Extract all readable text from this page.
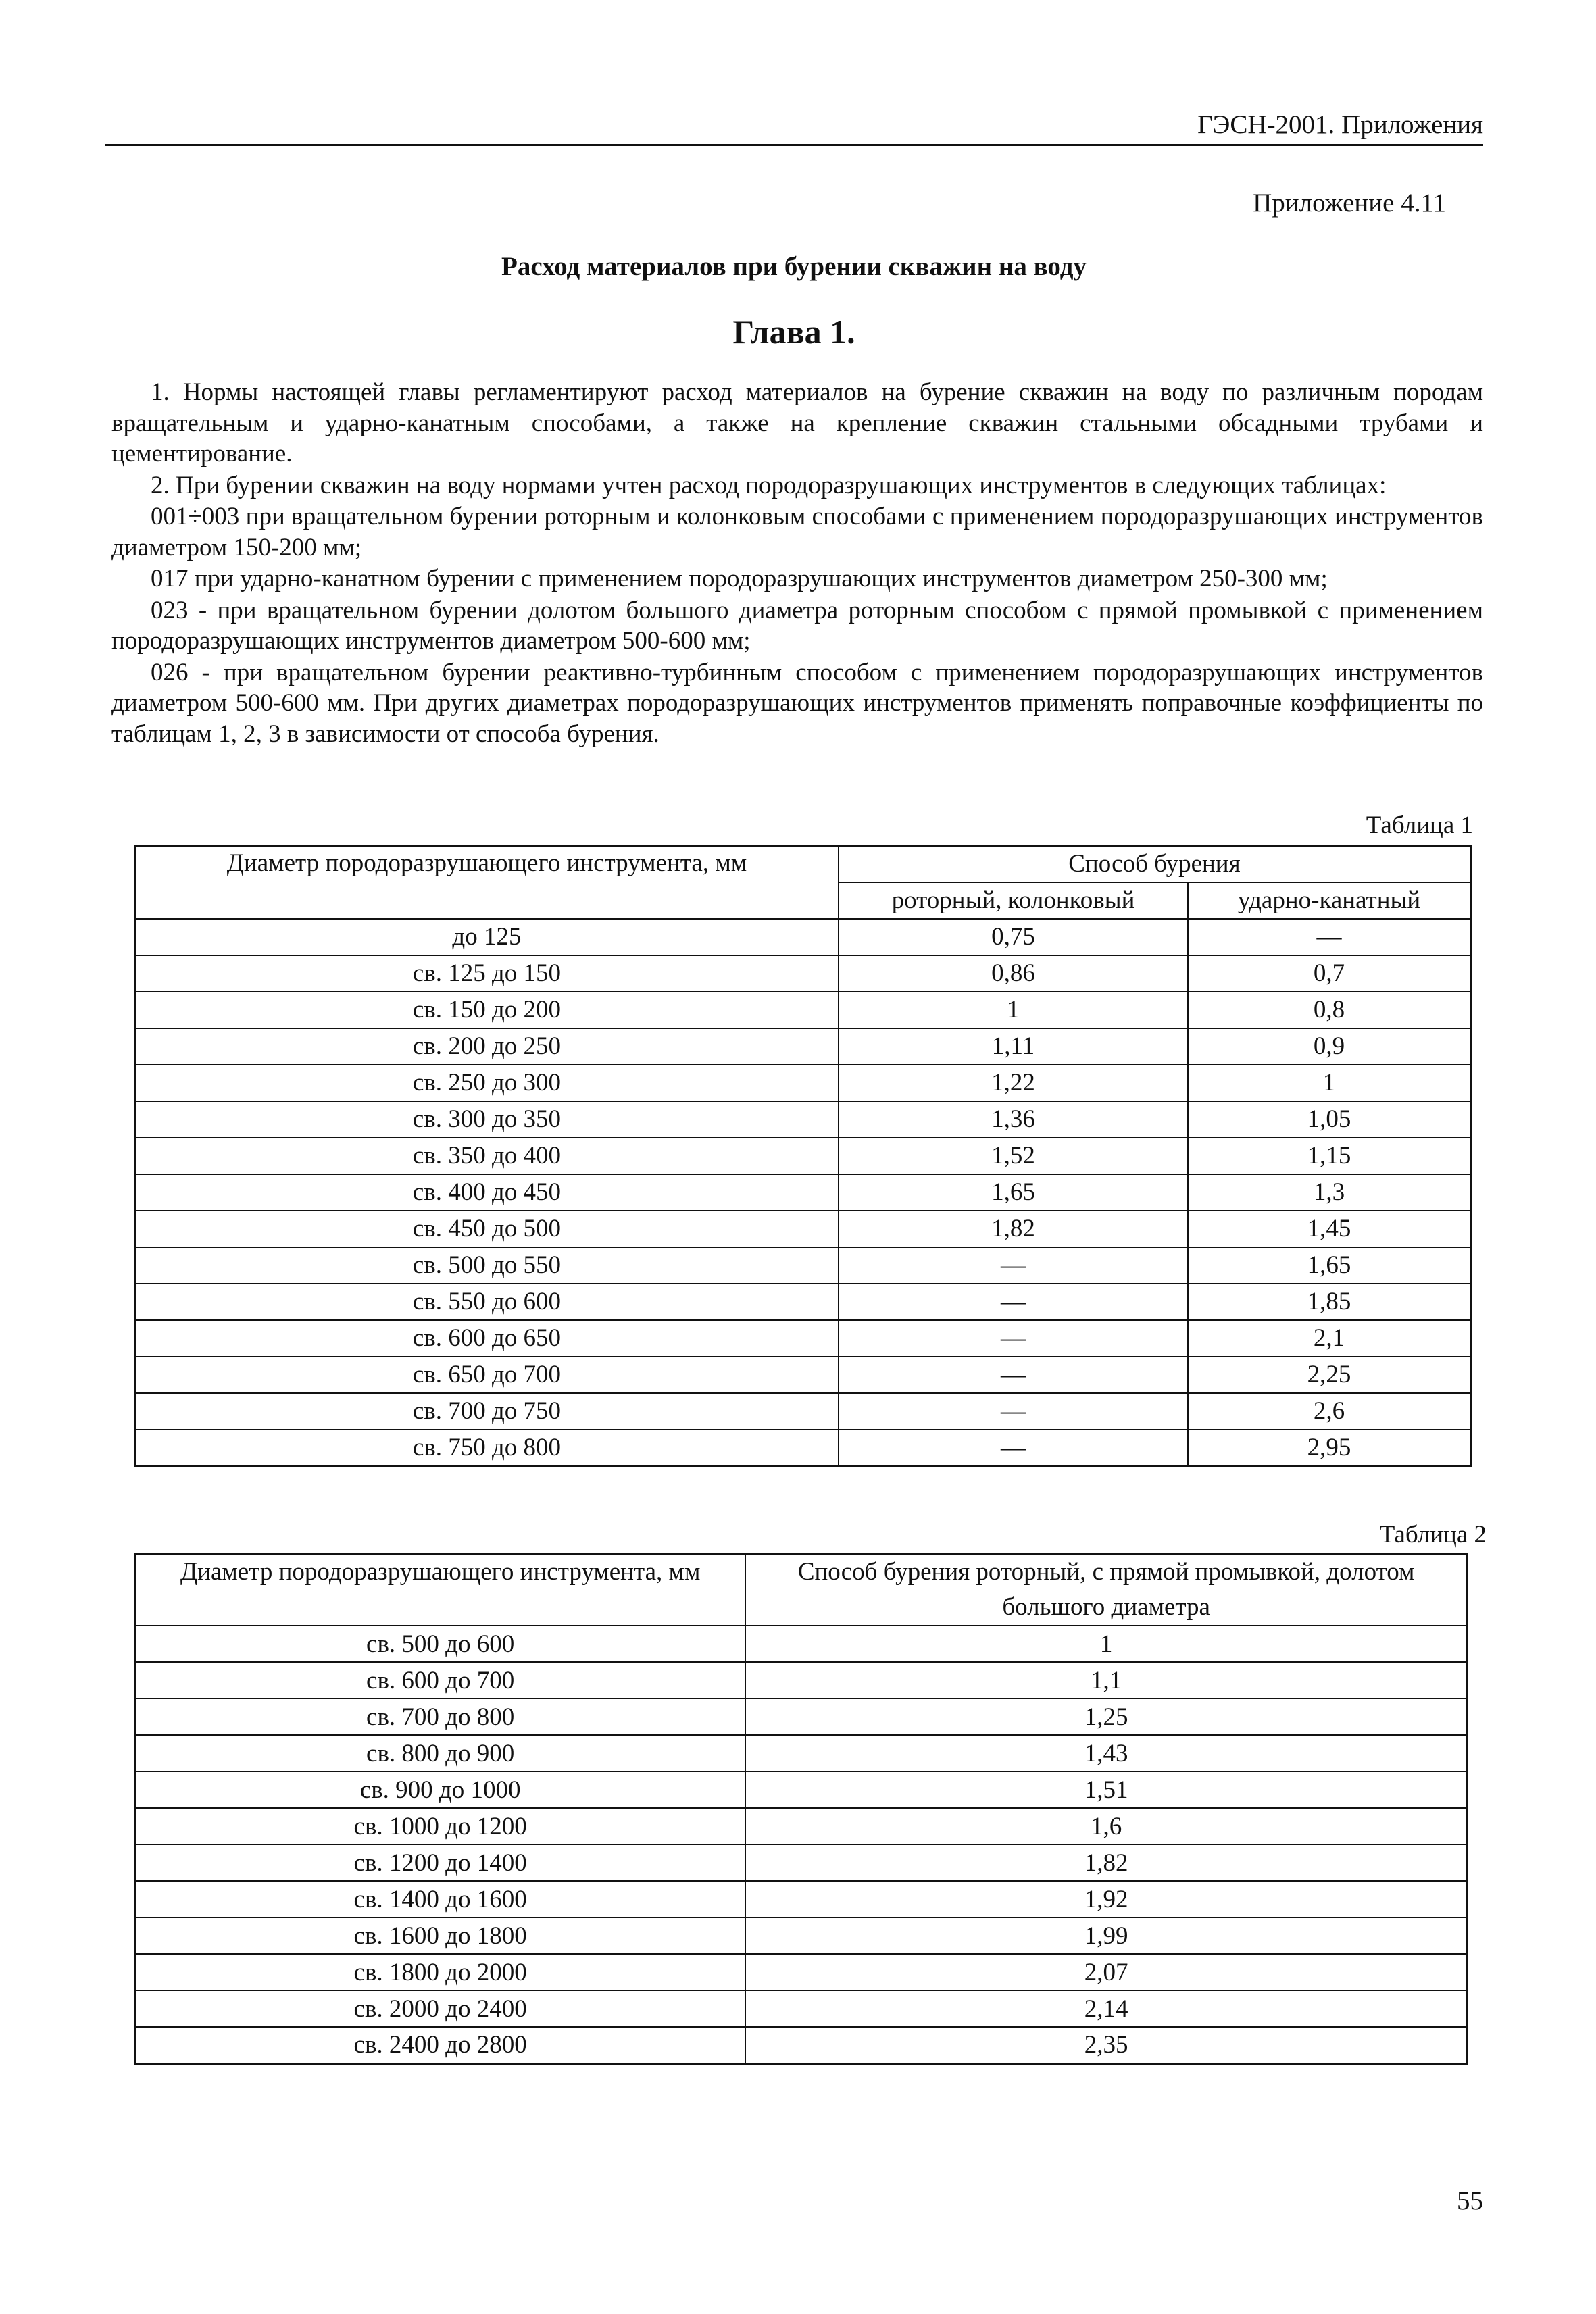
ГЭСН-2001. Приложения
Приложение 4.11
Расход материалов при бурении скважин на воду
Глава 1.

1. Нормы настоящей главы регламентируют расход материалов на бурение скважин на воду по различным породам вращательным и ударно-канатным способами, а также на крепление скважин стальными обсадными трубами и цементирование.

2. При бурении скважин на воду нормами учтен расход породоразрушающих инструментов в следующих таблицах:

001÷003 при вращательном бурении роторным и колонковым способами с применением породоразрушающих инструментов диаметром 150-200 мм;

017 при ударно-канатном бурении с применением породоразрушающих инструментов диаметром 250-300 мм;

023 - при вращательном бурении долотом большого диаметра роторным способом с прямой промывкой с применением породоразрушающих инструментов диаметром 500-600 мм;

026 - при вращательном бурении реактивно-турбинным способом с применением породоразрушающих инструментов диаметром 500-600 мм. При других диаметрах породоразрушающих инструментов применять поправочные коэффициенты по таблицам 1, 2, 3 в зависимости от способа бурения.

Таблица 1
Диаметр породоразрушающего инструмента, мм	Способ бурения	
	роторный, колонковый	ударно-канатный
до 125	0,75	—
св. 125 до 150	0,86	0,7
св. 150 до 200	1	0,8
св. 200 до 250	1,11	0,9
св. 250 до 300	1,22	1
св. 300 до 350	1,36	1,05
св. 350 до 400	1,52	1,15
св. 400 до 450	1,65	1,3
св. 450 до 500	1,82	1,45
св. 500 до 550	—	1,65
св. 550 до 600	—	1,85
св. 600 до 650	—	2,1
св. 650 до 700	—	2,25
св. 700 до 750	—	2,6
св. 750 до 800	—	2,95
Таблица 2
Диаметр породоразрушающего инструмента, мм	Способ бурения роторный, с прямой промывкой, долотом большого диаметра
св. 500 до 600	1
св. 600 до 700	1,1
св. 700 до 800	1,25
св. 800 до 900	1,43
св. 900 до 1000	1,51
св. 1000 до 1200	1,6
св. 1200 до 1400	1,82
св. 1400 до 1600	1,92
св. 1600 до 1800	1,99
св. 1800 до 2000	2,07
св. 2000 до 2400	2,14
св. 2400 до 2800	2,35
55
